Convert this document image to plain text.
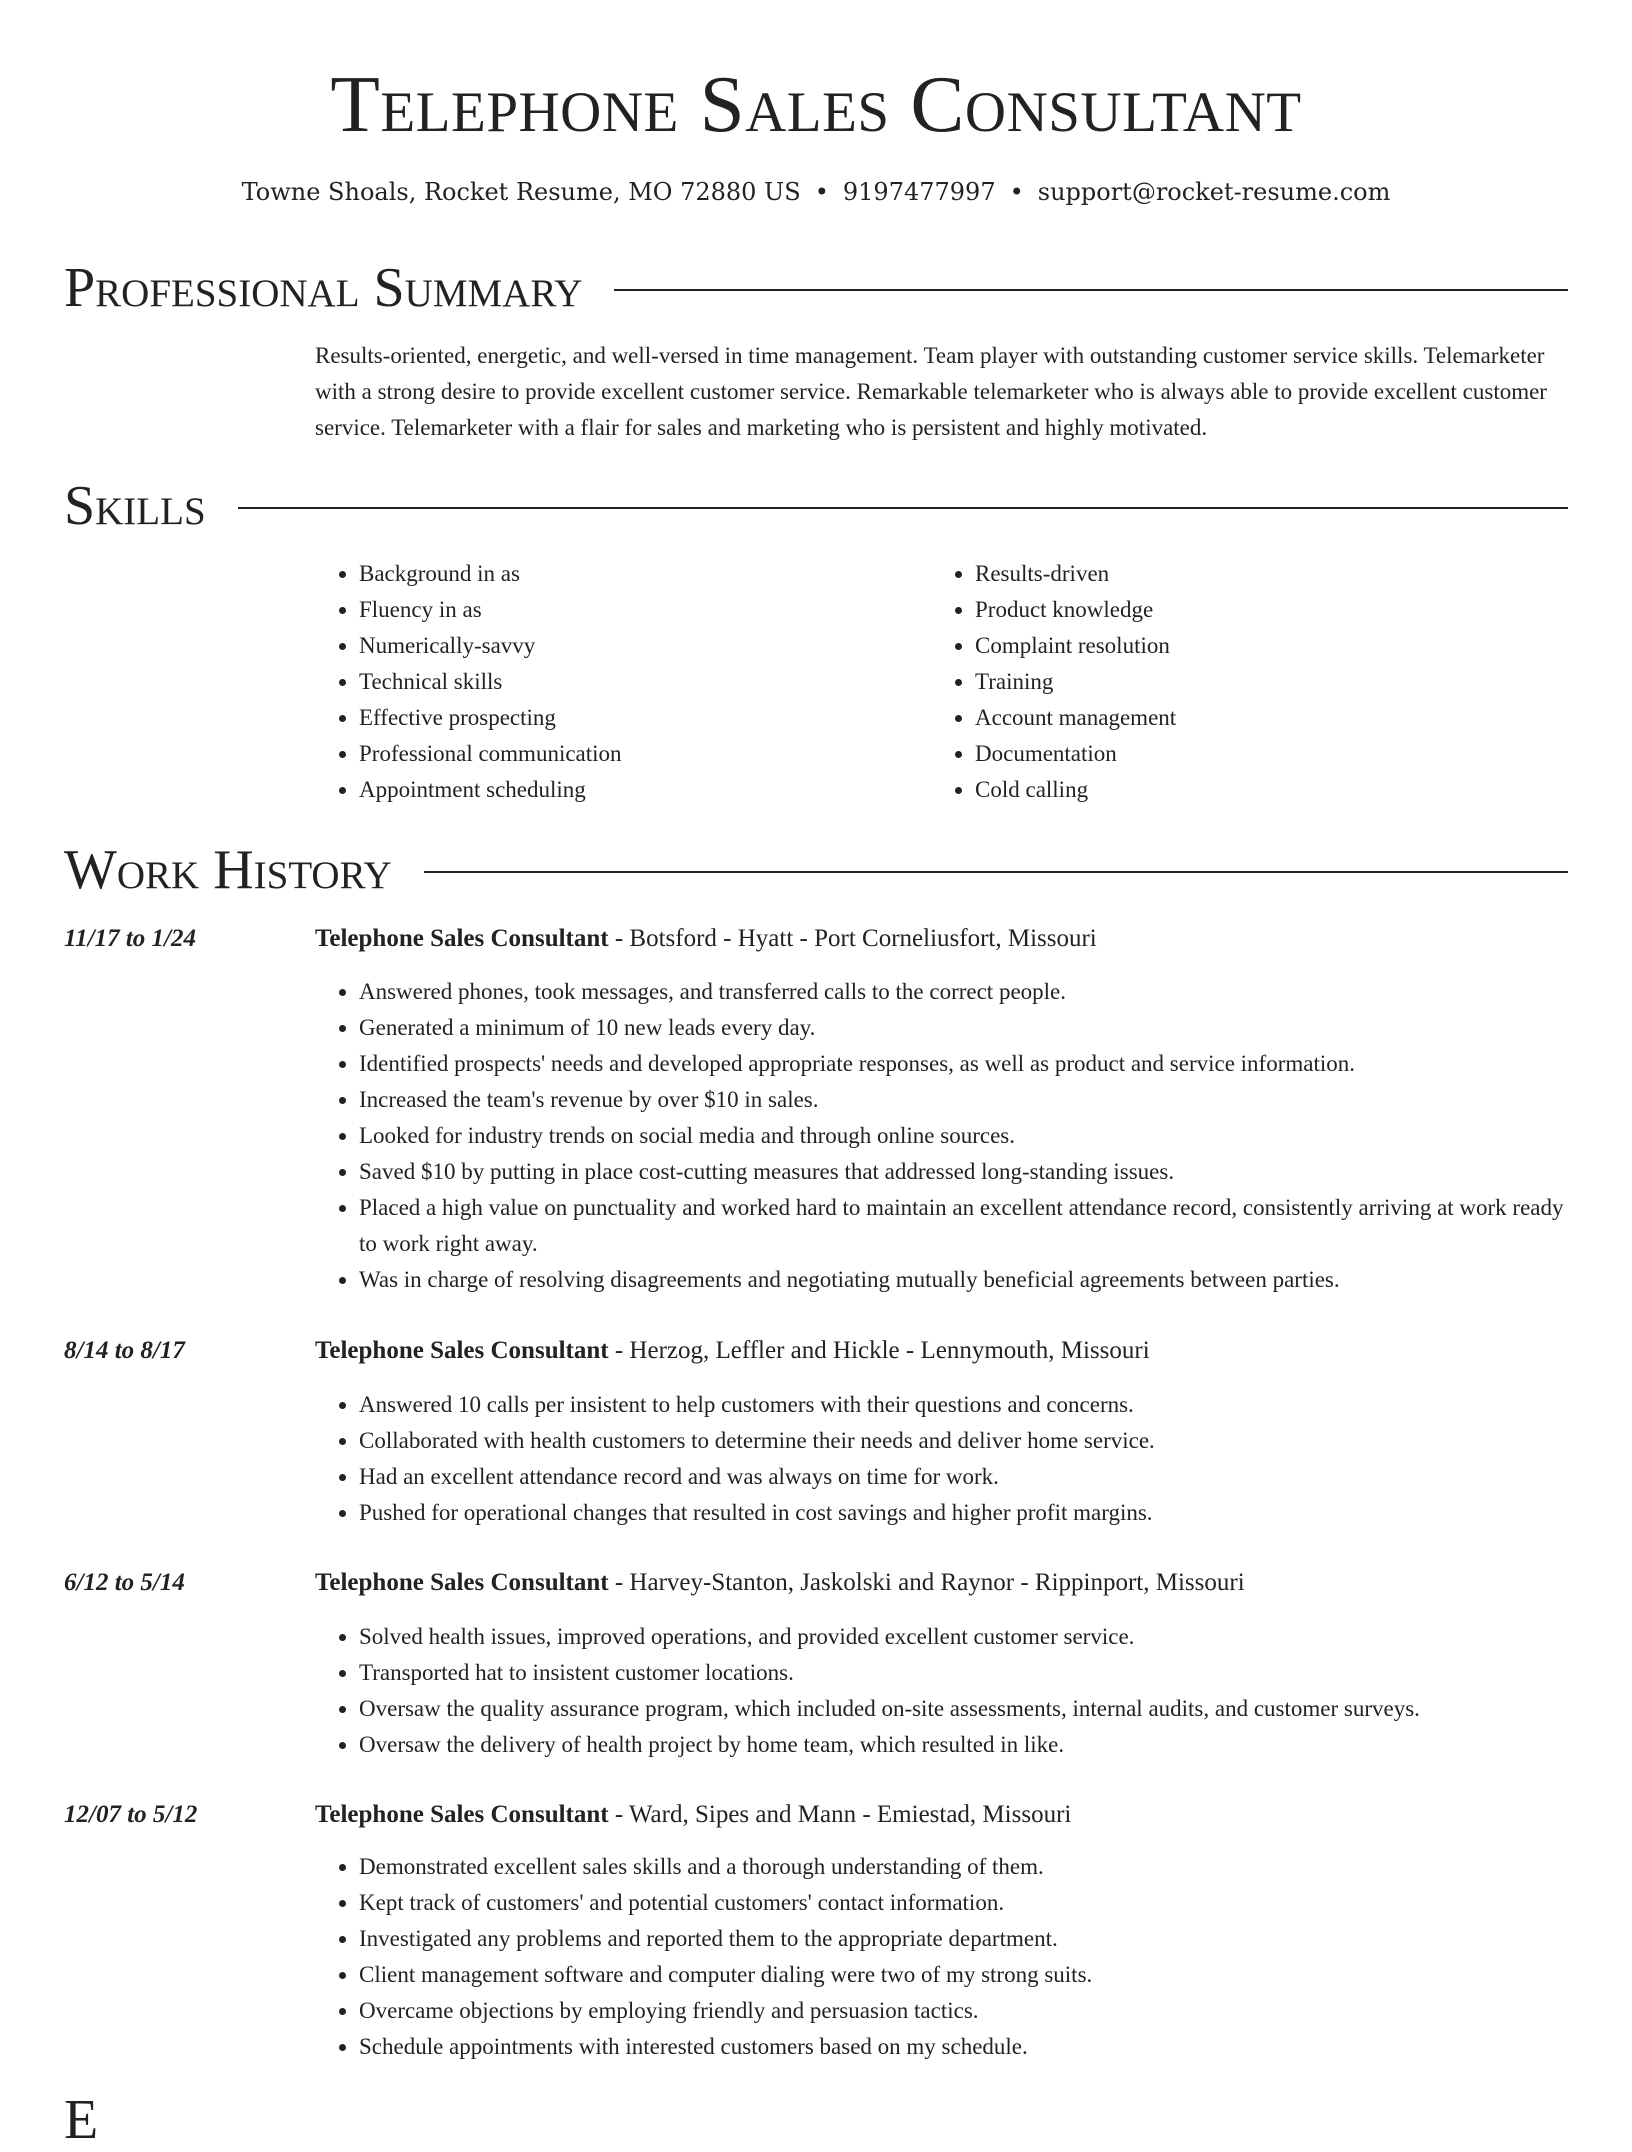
Telephone Sales Consultant
Towne Shoals, Rocket Resume, MO 72880 US • 9197477997 • support@rocket-resume.com
Professional Summary
Results-oriented, energetic, and well-versed in time management. Team player with outstanding customer service skills. Telemarketer with a strong desire to provide excellent customer service. Remarkable telemarketer who is always able to provide excellent customer service. Telemarketer with a flair for sales and marketing who is persistent and highly motivated.
Skills
• Background in as
• Fluency in as
• Numerically-savvy
• Technical skills
• Effective prospecting
• Professional communication
• Appointment scheduling
• Results-driven
• Product knowledge
• Complaint resolution
• Training
• Account management
• Documentation
• Cold calling
Work History
11/17 to 1/24	Telephone Sales Consultant - Botsford - Hyatt - Port Corneliusfort, Missouri
• Answered phones, took messages, and transferred calls to the correct people.
• Generated a minimum of 10 new leads every day.
• Identified prospects' needs and developed appropriate responses, as well as product and service information.
• Increased the team's revenue by over $10 in sales.
• Looked for industry trends on social media and through online sources.
• Saved $10 by putting in place cost-cutting measures that addressed long-standing issues.
• Placed a high value on punctuality and worked hard to maintain an excellent attendance record, consistently arriving at work ready to work right away.
• Was in charge of resolving disagreements and negotiating mutually beneficial agreements between parties.
8/14 to 8/17	Telephone Sales Consultant - Herzog, Leffler and Hickle - Lennymouth, Missouri
• Answered 10 calls per insistent to help customers with their questions and concerns.
• Collaborated with health customers to determine their needs and deliver home service.
• Had an excellent attendance record and was always on time for work.
• Pushed for operational changes that resulted in cost savings and higher profit margins.
6/12 to 5/14	Telephone Sales Consultant - Harvey-Stanton, Jaskolski and Raynor - Rippinport, Missouri
• Solved health issues, improved operations, and provided excellent customer service.
• Transported hat to insistent customer locations.
• Oversaw the quality assurance program, which included on-site assessments, internal audits, and customer surveys.
• Oversaw the delivery of health project by home team, which resulted in like.
12/07 to 5/12	Telephone Sales Consultant - Ward, Sipes and Mann - Emiestad, Missouri
• Demonstrated excellent sales skills and a thorough understanding of them.
• Kept track of customers' and potential customers' contact information.
• Investigated any problems and reported them to the appropriate department.
• Client management software and computer dialing were two of my strong suits.
• Overcame objections by employing friendly and persuasion tactics.
• Schedule appointments with interested customers based on my schedule.
E
